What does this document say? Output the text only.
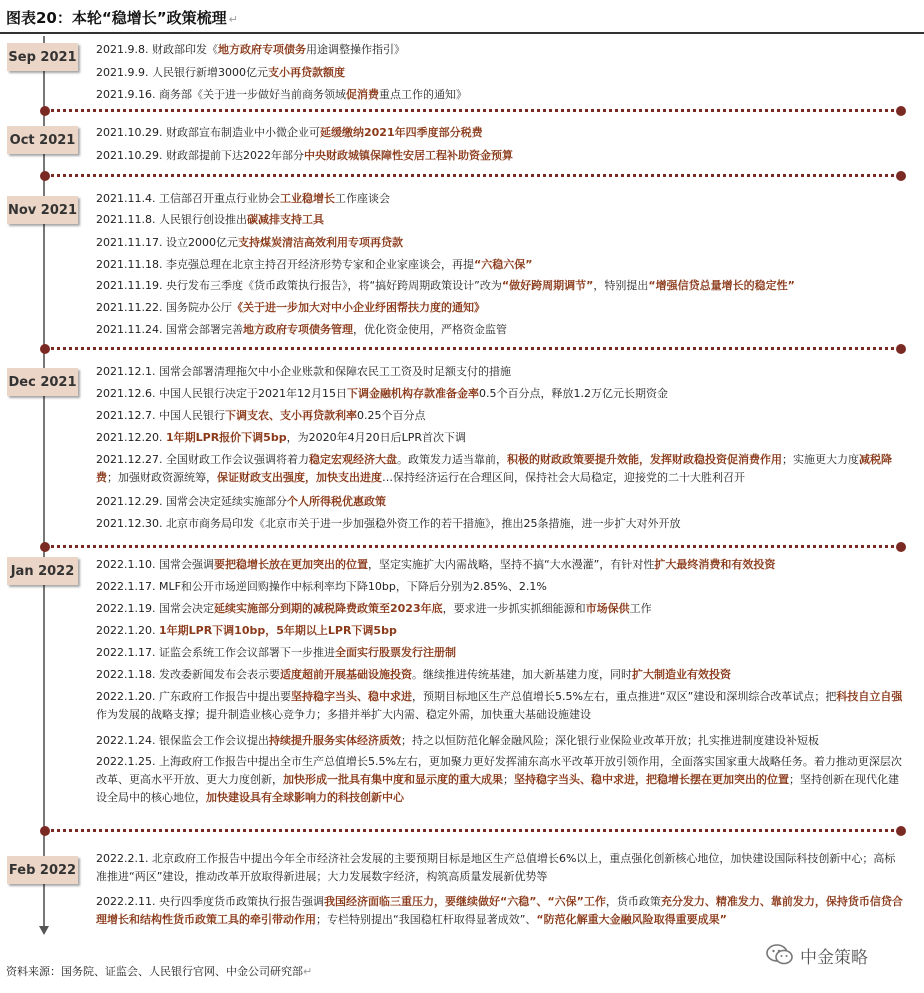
图表20：本轮“稳增长”政策梳理 ↵
Sep 2021
Oct 2021
Nov 2021
Dec 2021
Jan 2022
Feb 2022
2021.9.8. 财政部印发《地方政府专项债务用途调整操作指引》
2021.9.9. 人民银行新增3000亿元支小再贷款额度
2021.9.16. 商务部《关于进一步做好当前商务领域促消费重点工作的通知》
2021.10.29. 财政部宣布制造业中小微企业可延缓缴纳2021年四季度部分税费
2021.10.29. 财政部提前下达2022年部分中央财政城镇保障性安居工程补助资金预算
2021.11.4. 工信部召开重点行业协会工业稳增长工作座谈会
2021.11.8. 人民银行创设推出碳减排支持工具
2021.11.17. 设立2000亿元支持煤炭清洁高效利用专项再贷款
2021.11.18. 李克强总理在北京主持召开经济形势专家和企业家座谈会，再提“六稳六保”
2021.11.19. 央行发布三季度《货币政策执行报告》，将“搞好跨周期政策设计”改为“做好跨周期调节”，特别提出“增强信贷总量增长的稳定性”
2021.11.22. 国务院办公厅《关于进一步加大对中小企业纾困帮扶力度的通知》
2021.11.24. 国常会部署完善地方政府专项债务管理，优化资金使用，严格资金监管
2021.12.1. 国常会部署清理拖欠中小企业账款和保障农民工工资及时足额支付的措施
2021.12.6. 中国人民银行决定于2021年12月15日下调金融机构存款准备金率0.5个百分点，释放1.2万亿元长期资金
2021.12.7. 中国人民银行下调支农、支小再贷款利率0.25个百分点
2021.12.20. 1年期LPR报价下调5bp，为2020年4月20日后LPR首次下调
2021.12.27. 全国财政工作会议强调将着力稳定宏观经济大盘。政策发力适当靠前，积极的财政政策要提升效能，发挥财政稳投资促消费作用；实施更大力度减税降费；加强财政资源统筹，保证财政支出强度，加快支出进度…保持经济运行在合理区间，保持社会大局稳定，迎接党的二十大胜利召开
2021.12.29. 国常会决定延续实施部分个人所得税优惠政策
2021.12.30. 北京市商务局印发《北京市关于进一步加强稳外资工作的若干措施》，推出25条措施，进一步扩大对外开放
2022.1.10. 国常会强调要把稳增长放在更加突出的位置，坚定实施扩大内需战略，坚持不搞“大水漫灌”，有针对性扩大最终消费和有效投资
2022.1.17. MLF和公开市场逆回购操作中标利率均下降10bp，下降后分别为2.85%、2.1%
2022.1.19. 国常会决定延续实施部分到期的减税降费政策至2023年底，要求进一步抓实抓细能源和市场保供工作
2022.1.20. 1年期LPR下调10bp，5年期以上LPR下调5bp
2022.1.17. 证监会系统工作会议部署下一步推进全面实行股票发行注册制
2022.1.18. 发改委新闻发布会表示要适度超前开展基础设施投资。继续推进传统基建，加大新基建力度，同时扩大制造业有效投资
2022.1.20. 广东政府工作报告中提出要坚持稳字当头、稳中求进，预期目标地区生产总值增长5.5%左右，重点推进“双区”建设和深圳综合改革试点；把科技自立自强作为发展的战略支撑；提升制造业核心竞争力；多措并举扩大内需、稳定外需，加快重大基础设施建设
2022.1.24. 银保监会工作会议提出持续提升服务实体经济质效；持之以恒防范化解金融风险；深化银行业保险业改革开放；扎实推进制度建设补短板
2022.1.25. 上海政府工作报告中提出全市生产总值增长5.5%左右，更加聚力更好发挥浦东高水平改革开放引领作用，全面落实国家重大战略任务。着力推动更深层次改革、更高水平开放、更大力度创新，加快形成一批具有集中度和显示度的重大成果；坚持稳字当头、稳中求进，把稳增长摆在更加突出的位置；坚持创新在现代化建设全局中的核心地位，加快建设具有全球影响力的科技创新中心
2022.2.1. 北京政府工作报告中提出今年全市经济社会发展的主要预期目标是地区生产总值增长6%以上，重点强化创新核心地位，加快建设国际科技创新中心；高标准推进“两区”建设，推动改革开放取得新进展；大力发展数字经济，构筑高质量发展新优势等
2022.2.11. 央行四季度货币政策执行报告强调我国经济面临三重压力，要继续做好“六稳”、“六保”工作，货币政策充分发力、精准发力、靠前发力，保持货币信贷合理增长和结构性货币政策工具的牵引带动作用；专栏特别提出“我国稳杠杆取得显著成效”、“防范化解重大金融风险取得重要成果”
资料来源：国务院、证监会、人民银行官网、中金公司研究部↵
中金策略
